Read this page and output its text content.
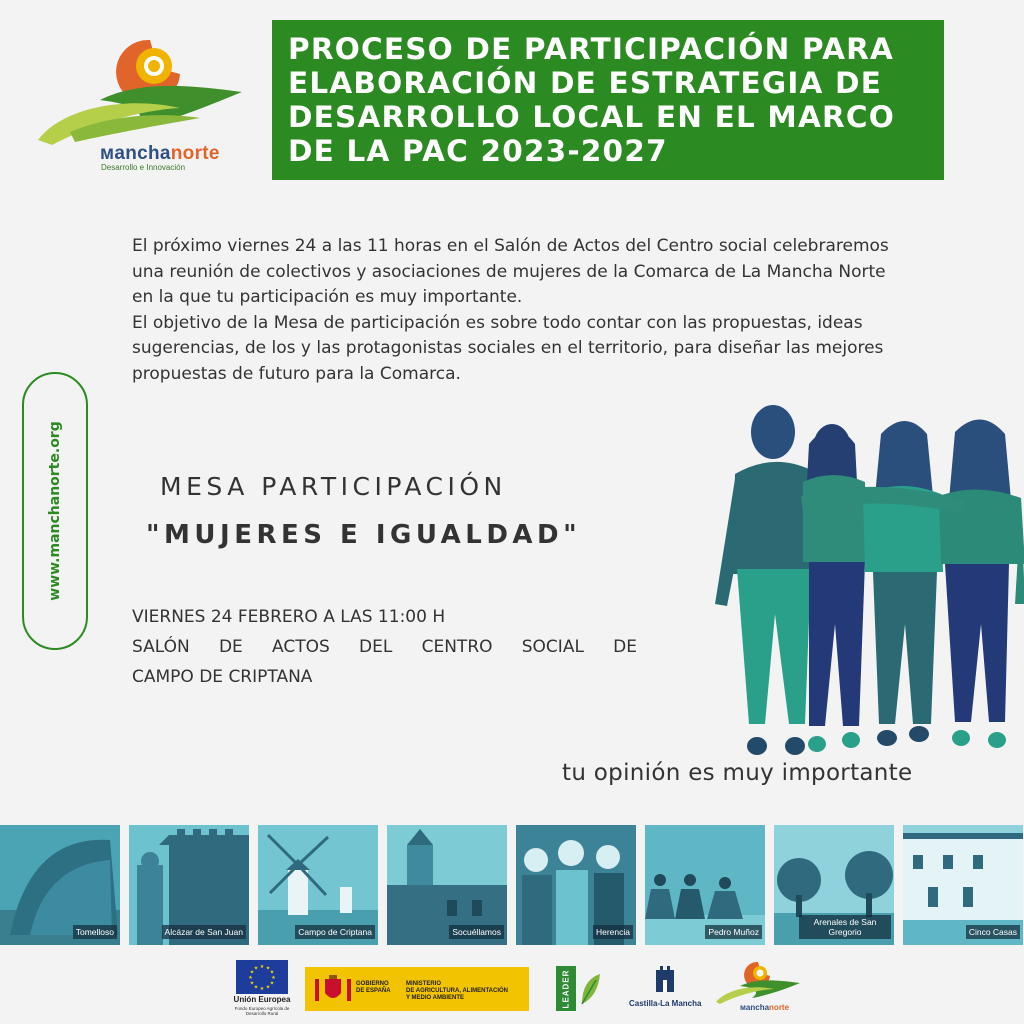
мanchanorte
Desarrollo e Innovación
PROCESO DE PARTICIPACIÓN PARA ELABORACIÓN DE ESTRATEGIA DE DESARROLLO LOCAL EN EL MARCO DE LA PAC 2023-2027
www.manchanorte.org

El próximo viernes 24 a las 11 horas en el Salón de Actos del Centro social celebraremos una reunión de colectivos y asociaciones de mujeres de la Comarca de La Mancha Norte en la que tu participación es muy importante.

El objetivo de la Mesa de participación es sobre todo contar con las propuestas, ideas sugerencias, de los y las protagonistas sociales en el territorio, para diseñar las mejores propuestas de futuro para la Comarca.

MESA PARTICIPACIÓN
"MUJERES E IGUALDAD"
VIERNES 24 FEBRERO A LAS 11:00 H
SALÓN DE ACTOS DEL CENTRO SOCIAL DE
CAMPO DE CRIPTANA
tu opinión es muy importante
Tomelloso	Alcázar de San Juan	Campo de Criptana	Socuéllamos	Herencia	Pedro Muñoz
Arenales de San Gregorio	Cinco Casas
★ ★
★
★
★
★
★
★
★
★
★
★
Unión Europea
Fondo Europeo Agrícola de Desarrollo Rural
GOBIERNO
DE ESPAÑA
MINISTERIO
DE AGRICULTURA, ALIMENTACIÓN
Y MEDIO AMBIENTE	LEADER	Castilla-La Mancha	мanchanorte
